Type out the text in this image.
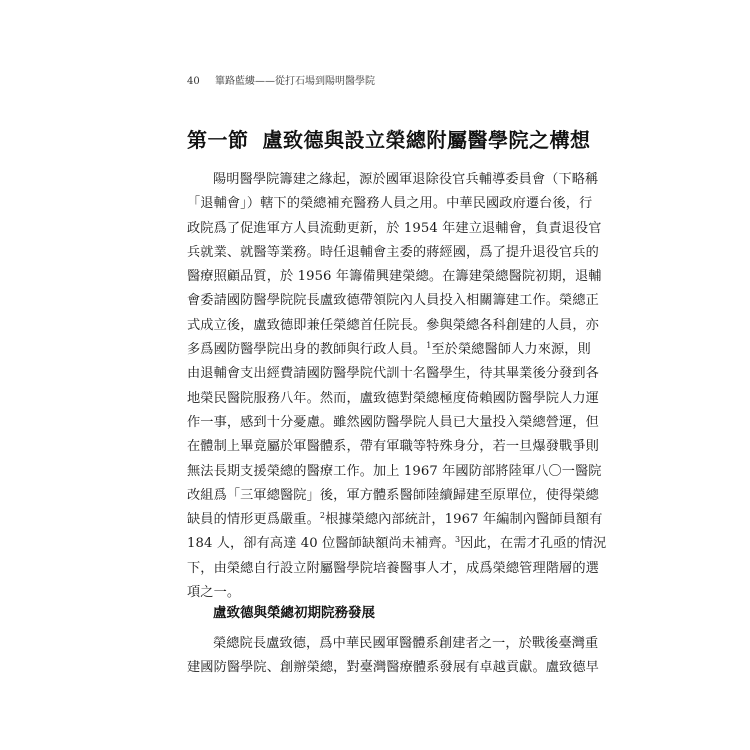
40 篳路藍縷——從打石場到陽明醫學院
第一節 盧致德與設立榮總附屬醫學院之構想
陽明醫學院籌建之緣起，源於國軍退除役官兵輔導委員會（下略稱
「退輔會」）轄下的榮總補充醫務人員之用。中華民國政府遷台後，行
政院爲了促進軍方人員流動更新，於 1954 年建立退輔會，負責退役官
兵就業、就醫等業務。時任退輔會主委的蔣經國，爲了提升退役官兵的
醫療照顧品質，於 1956 年籌備興建榮總。在籌建榮總醫院初期，退輔
會委請國防醫學院院長盧致德帶領院內人員投入相關籌建工作。榮總正
式成立後，盧致德即兼任榮總首任院長。參與榮總各科創建的人員，亦
多爲國防醫學院出身的教師與行政人員。$^1$至於榮總醫師人力來源，則
由退輔會支出經費請國防醫學院代訓十名醫學生，待其畢業後分發到各
地榮民醫院服務八年。然而，盧致德對榮總極度倚賴國防醫學院人力運
作一事，感到十分憂慮。雖然國防醫學院人員已大量投入榮總營運，但
在體制上畢竟屬於軍醫體系，帶有軍職等特殊身分，若一旦爆發戰爭則
無法長期支援榮總的醫療工作。加上 1967 年國防部將陸軍八〇一醫院
改組爲「三軍總醫院」後，軍方體系醫師陸續歸建至原單位，使得榮總
缺員的情形更爲嚴重。$^2$根據榮總內部統計，1967 年編制內醫師員額有
184 人，卻有高達 40 位醫師缺額尚未補齊。$^3$因此，在需才孔亟的情況
下，由榮總自行設立附屬醫學院培養醫事人才，成爲榮總管理階層的選
項之一。
盧致德與榮總初期院務發展
榮總院長盧致德，爲中華民國軍醫體系創建者之一，於戰後臺灣重
建國防醫學院、創辦榮總，對臺灣醫療體系發展有卓越貢獻。盧致德早
